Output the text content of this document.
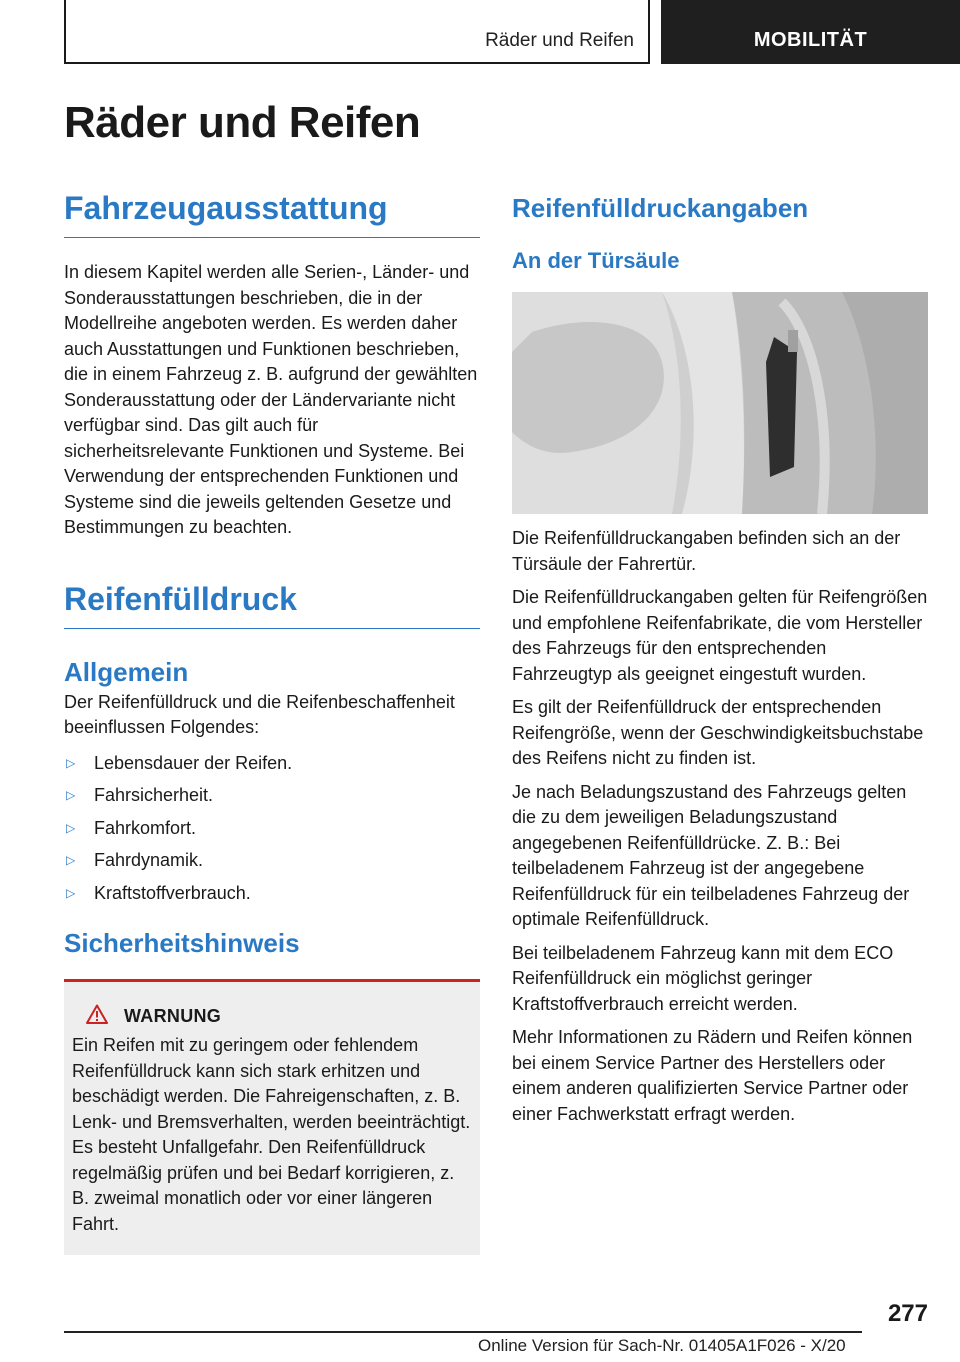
Räder und Reifen	MOBILITÄT
Räder und Reifen
Fahrzeugausstattung

In diesem Kapitel werden alle Serien-, Länder- und Sonderausstattungen beschrieben, die in der Modellreihe angeboten werden. Es werden daher auch Ausstattungen und Funktionen beschrieben, die in einem Fahrzeug z. B. aufgrund der gewählten Sonderausstattung oder der Ländervariante nicht verfügbar sind. Das gilt auch für sicherheitsrelevante Funktionen und Systeme. Bei Verwendung der entsprechenden Funktionen und Systeme sind die jeweils geltenden Gesetze und Bestimmungen zu beachten.

Reifenfülldruck
Allgemein

Der Reifenfülldruck und die Reifenbeschaffenheit beeinflussen Folgendes:

▷	Lebensdauer der Reifen.
▷	Fahrsicherheit.
▷	Fahrkomfort.
▷	Fahrdynamik.
▷	Kraftstoffverbrauch.
Sicherheitshinweis
WARNUNG

Ein Reifen mit zu geringem oder fehlendem Reifenfülldruck kann sich stark erhitzen und beschädigt werden. Die Fahreigenschaften, z. B. Lenk- und Bremsverhalten, werden beeinträchtigt. Es besteht Unfallgefahr. Den Reifenfülldruck regelmäßig prüfen und bei Bedarf korrigieren, z. B. zweimal monatlich oder vor einer längeren Fahrt.

Reifenfülldruckangaben
An der Türsäule

Die Reifenfülldruckangaben befinden sich an der Türsäule der Fahrertür.

Die Reifenfülldruckangaben gelten für Reifengrößen und empfohlene Reifenfabrikate, die vom Hersteller des Fahrzeugs für den entsprechenden Fahrzeugtyp als geeignet eingestuft wurden.

Es gilt der Reifenfülldruck der entsprechenden Reifengröße, wenn der Geschwindigkeitsbuchstabe des Reifens nicht zu finden ist.

Je nach Beladungszustand des Fahrzeugs gelten die zu dem jeweiligen Beladungszustand angegebenen Reifenfülldrücke. Z. B.: Bei teilbeladenem Fahrzeug ist der angegebene Reifenfülldruck für ein teilbeladenes Fahrzeug der optimale Reifenfülldruck.

Bei teilbeladenem Fahrzeug kann mit dem ECO Reifenfülldruck ein möglichst geringer Kraftstoffverbrauch erreicht werden.

Mehr Informationen zu Rädern und Reifen können bei einem Service Partner des Herstellers oder einem anderen qualifizierten Service Partner oder einer Fachwerkstatt erfragt werden.

277
Online Version für Sach-Nr. 01405A1F026 - X/20
